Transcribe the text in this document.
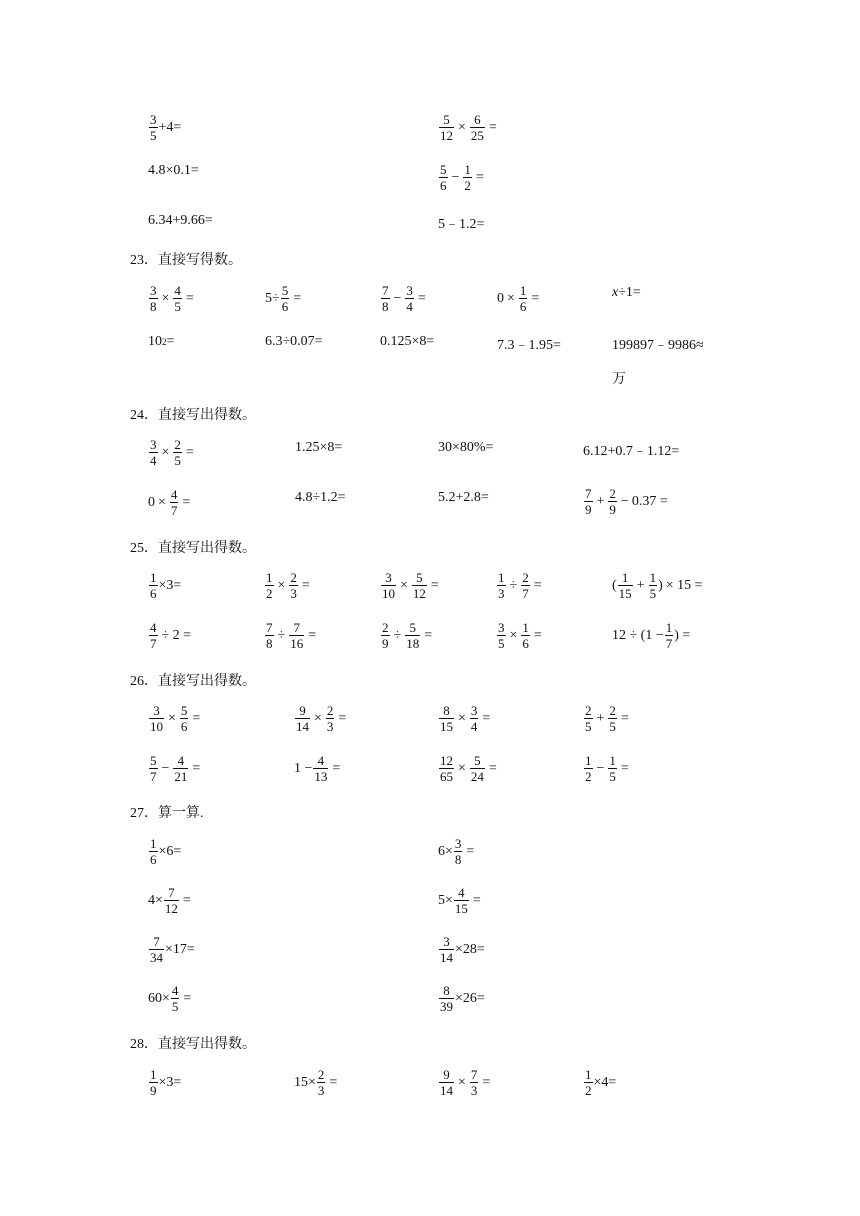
$\frac{3}{5} +4=$	$\frac{5}{12} \times \frac{6}{25}$ =
4.8×0.1=	$\frac{5}{6} - \frac{1}{2}$ =
6.34+9.66=	5﹣1.2=
23．直接写得数。
$\frac{3}{8} \times \frac{4}{5}$ =	$5\div \frac{5}{6}$ =	$\frac{7}{8} - \frac{3}{4}$ =	$0 \times \frac{1}{6}$ =	x ÷1=
10 2 =	6.3÷0.07=	0.125×8=	7.3﹣1.95=	199897﹣9986≈
万
24．直接写出得数。
$\frac{3}{4} \times \frac{2}{5}$ =	1.25×8=	30×80%=	6.12+0.7﹣1.12=
$0 \times \frac{4}{7}$ =	4.8÷1.2=	5.2+2.8=	$\frac{7}{9} + \frac{2}{9} - 0.37$ =
25．直接写出得数。
$\frac{1}{6} \times 3=$	$\frac{1}{2} \times \frac{2}{3}$ =	$\frac{3}{10} \times \frac{5}{12}$ =	$\frac{1}{3} \div \frac{2}{7}$ =	( $\frac{1}{15} + \frac{1}{5}$ ) × 15 =
$\frac{4}{7} \div 2$ =	$\frac{7}{8} \div \frac{7}{16}$ =	$\frac{2}{9} \div \frac{5}{18}$ =	$\frac{3}{5} \times \frac{1}{6}$ =	$12 \div (1 - \frac{1}{7}$ ) =
26．直接写出得数。
$\frac{3}{10} \times \frac{5}{6}$ =	$\frac{9}{14} \times \frac{2}{3}$ =	$\frac{8}{15} \times \frac{3}{4}$ =	$\frac{2}{5} + \frac{2}{5}$ =
$\frac{5}{7} - \frac{4}{21}$ =	$1 - \frac{4}{13}$ =	$\frac{12}{65} \times \frac{5}{24}$ =	$\frac{1}{2} - \frac{1}{5}$ =
27．算一算.
$\frac{1}{6} \times 6=$	$6\times \frac{3}{8}$ =
$4\times \frac{7}{12}$ =	$5\times \frac{4}{15}$ =
$\frac{7}{34} \times 17=$	$\frac{3}{14} \times 28=$
$60\times \frac{4}{5}$ =	$\frac{8}{39} \times 26=$
28．直接写出得数。
$\frac{1}{9} \times 3=$	$15\times \frac{2}{3}$ =	$\frac{9}{14} \times \frac{7}{3}$ =	$\frac{1}{2} \times 4=$
